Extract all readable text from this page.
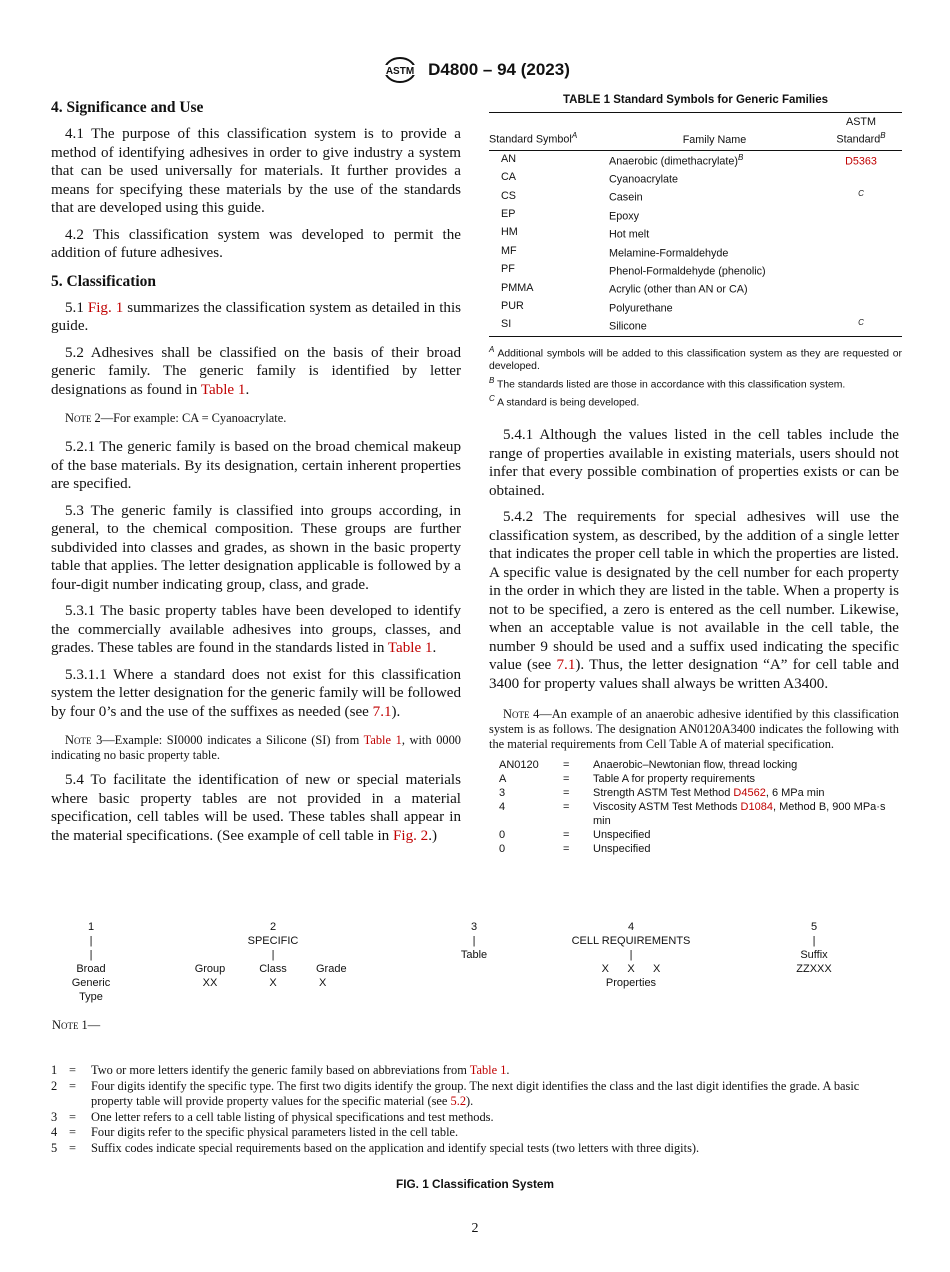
ASTM D4800 – 94 (2023)
4. Significance and Use

4.1 The purpose of this classification system is to provide a method of identifying adhesives in order to give industry a system that can be used universally for materials. It further provides a means for specifying these materials by the use of the standards that are developed using this guide.

4.2 This classification system was developed to permit the addition of future adhesives.

5. Classification

5.1 Fig. 1 summarizes the classification system as detailed in this guide.

5.2 Adhesives shall be classified on the basis of their broad generic family. The generic family is identified by letter designations as found in Table 1.

Note 2—For example: CA = Cyanoacrylate.

5.2.1 The generic family is based on the broad chemical makeup of the base materials. By its designation, certain inherent properties are specified.

5.3 The generic family is classified into groups according, in general, to the chemical composition. These groups are further subdivided into classes and grades, as shown in the basic property table that applies. The letter designation applicable is followed by a four-digit number indicating group, class, and grade.

5.3.1 The basic property tables have been developed to identify the commercially available adhesives into groups, classes, and grades. These tables are found in the standards listed in Table 1.

5.3.1.1 Where a standard does not exist for this classification system the letter designation for the generic family will be followed by four 0’s and the use of the suffixes as needed (see 7.1).

Note 3—Example: SI0000 indicates a Silicone (SI) from Table 1, with 0000 indicating no basic property table.

5.4 To facilitate the identification of new or special materials where basic property tables are not provided in a material specification, cell tables will be used. These tables shall appear in the material specifications. (See example of cell table in Fig. 2.)

TABLE 1 Standard Symbols for Generic Families
Standard Symbol$^A$	Family Name	ASTM Standard$^B$
AN	Anaerobic (dimethacrylate)$^B$	D5363
CA	Cyanoacrylate	
CS	Casein	$^C$
EP	Epoxy	
HM	Hot melt	
MF	Melamine-Formaldehyde	
PF	Phenol-Formaldehyde (phenolic)	
PMMA	Acrylic (other than AN or CA)	
PUR	Polyurethane	
SI	Silicone	$^C$
$^A$ Additional symbols will be added to this classification system as they are requested or developed.
$^B$ The standards listed are those in accordance with this classification system.
$^C$ A standard is being developed.

5.4.1 Although the values listed in the cell tables include the range of properties available in existing materials, users should not infer that every possible combination of properties exists or can be obtained.

5.4.2 The requirements for special adhesives will use the classification system, as described, by the addition of a single letter that indicates the proper cell table in which the properties are listed. A specific value is designated by the cell number for each property in the order in which they are listed in the table. When a property is not to be specified, a zero is entered as the cell number. Likewise, when an acceptable value is not available in the cell table, the number 9 should be used and a suffix used indicating the specific value (see 7.1). Thus, the letter designation “A” for cell table and 3400 for property values shall always be written A3400.

Note 4—An example of an anaerobic adhesive identified by this classification system is as follows. The designation AN0120A3400 indicates the following with the material requirements from Cell Table A of material specification.
AN0120	=	Anaerobic–Newtonian flow, thread locking
A	=	Table A for property requirements
3	=	Strength ASTM Test Method D4562, 6 MPa min
4	=	Viscosity ASTM Test Methods D1084, Method B, 900 MPa·s min
0	=	Unspecified
0	=	Unspecified
1
|
|
Broad
Generic
Type
2
SPECIFIC
|
Group
XX
Class
X
Grade
X
3
|
Table
4
CELL REQUIREMENTS
|
X      X      X
Properties
5
|
Suffix
ZZXXX
Note 1—
1 =	Two or more letters identify the generic family based on abbreviations from Table 1.
2 =	Four digits identify the specific type. The first two digits identify the group. The next digit identifies the class and the last digit identifies the grade. A basic property table will provide property values for the specific material (see 5.2).
3 =	One letter refers to a cell table listing of physical specifications and test methods.
4 =	Four digits refer to the specific physical parameters listed in the cell table.
5 =	Suffix codes indicate special requirements based on the application and identify special tests (two letters with three digits).
FIG. 1 Classification System
2
